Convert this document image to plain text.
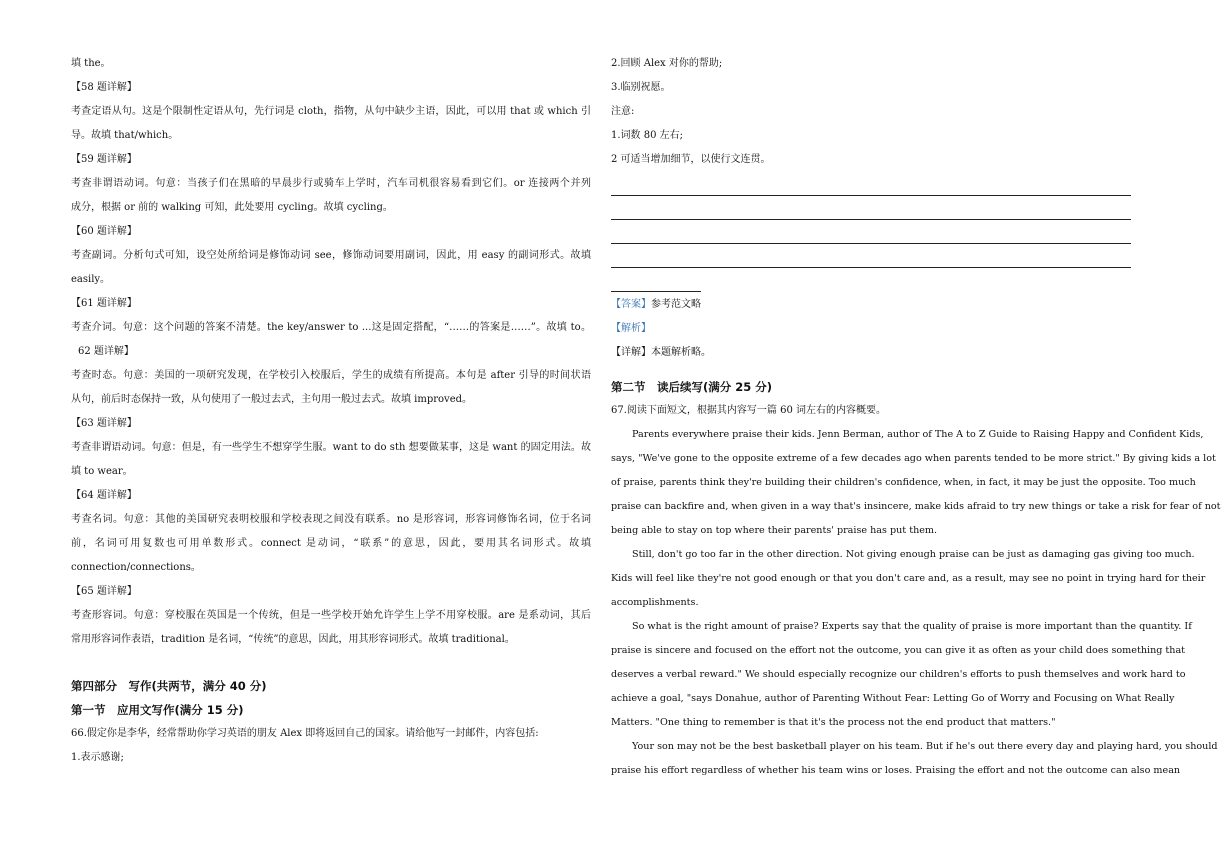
填 the。
【58 题详解】
考查定语从句。这是个限制性定语从句，先行词是 cloth，指物，从句中缺少主语，因此，可以用 that 或 which 引
导。故填 that/which。
【59 题详解】
考查非谓语动词。句意：当孩子们在黑暗的早晨步行或骑车上学时，汽车司机很容易看到它们。or 连接两个并列
成分，根据 or 前的 walking 可知，此处要用 cycling。故填 cycling。
【60 题详解】
考查副词。分析句式可知，设空处所给词是修饰动词 see，修饰动词要用副词，因此，用 easy 的副词形式。故填
easily。
【61 题详解】
考查介词。句意：这个问题的答案不清楚。the key/answer to ...这是固定搭配，“……的答案是……”。故填 to。
62 题详解】
考查时态。句意：美国的一项研究发现，在学校引入校服后，学生的成绩有所提高。本句是 after 引导的时间状语
从句，前后时态保持一致，从句使用了一般过去式，主句用一般过去式。故填 improved。
【63 题详解】
考查非谓语动词。句意：但是，有一些学生不想穿学生服。want to do sth 想要做某事，这是 want 的固定用法。故
填 to wear。
【64 题详解】
考查名词。句意：其他的美国研究表明校服和学校表现之间没有联系。no 是形容词，形容词修饰名词，位于名词
前，名词可用复数也可用单数形式。connect 是动词，“联系”的意思，因此，要用其名词形式。故填
connection/connections。
【65 题详解】
考查形容词。句意：穿校服在英国是一个传统，但是一些学校开始允许学生上学不用穿校服。are 是系动词，其后
常用形容词作表语，tradition 是名词，“传统”的意思，因此，用其形容词形式。故填 traditional。
第四部分　写作(共两节，满分 40 分)
第一节　应用文写作(满分 15 分)
66.假定你是李华，经常帮助你学习英语的朋友 Alex 即将返回自己的国家。请给他写一封邮件，内容包括:
1.表示感谢;
2.回顾 Alex 对你的帮助;
3.临别祝愿。
注意:
1.词数 80 左右;
2 可适当增加细节，以使行文连贯。
【答案】参考范文略
【解析】
【详解】本题解析略。
第二节　读后续写(满分 25 分)
67.阅读下面短文，根据其内容写一篇 60 词左右的内容概要。
Parents everywhere praise their kids. Jenn Berman, author of The A to Z Guide to Raising Happy and Confident Kids,
says, "We've gone to the opposite extreme of a few decades ago when parents tended to be more strict." By giving kids a lot
of praise, parents think they're building their children's confidence, when, in fact, it may be just the opposite. Too much
praise can backfire and, when given in a way that's insincere, make kids afraid to try new things or take a risk for fear of not
being able to stay on top where their parents' praise has put them.
Still, don't go too far in the other direction. Not giving enough praise can be just as damaging gas giving too much.
Kids will feel like they're not good enough or that you don't care and, as a result, may see no point in trying hard for their
accomplishments.
So what is the right amount of praise? Experts say that the quality of praise is more important than the quantity. If
praise is sincere and focused on the effort not the outcome, you can give it as often as your child does something that
deserves a verbal reward." We should especially recognize our children's efforts to push themselves and work hard to
achieve a goal, "says Donahue, author of Parenting Without Fear: Letting Go of Worry and Focusing on What Really
Matters. "One thing to remember is that it's the process not the end product that matters."
Your son may not be the best basketball player on his team. But if he's out there every day and playing hard, you should
praise his effort regardless of whether his team wins or loses. Praising the effort and not the outcome can also mean
